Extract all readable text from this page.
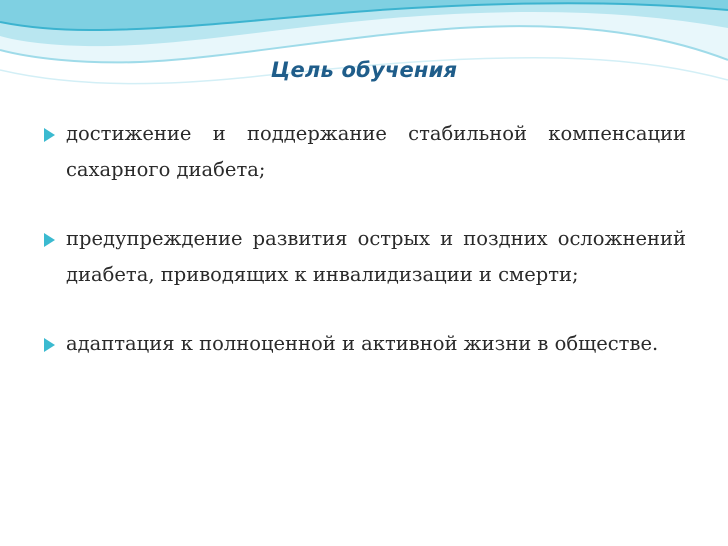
Цель обучения
достижение и поддержание стабильной компенсации сахарного диабета;
предупреждение развития острых и поздних осложнений диабета, приводящих к инвалидизации и смерти;
адаптация к полноценной и активной жизни в обществе.
